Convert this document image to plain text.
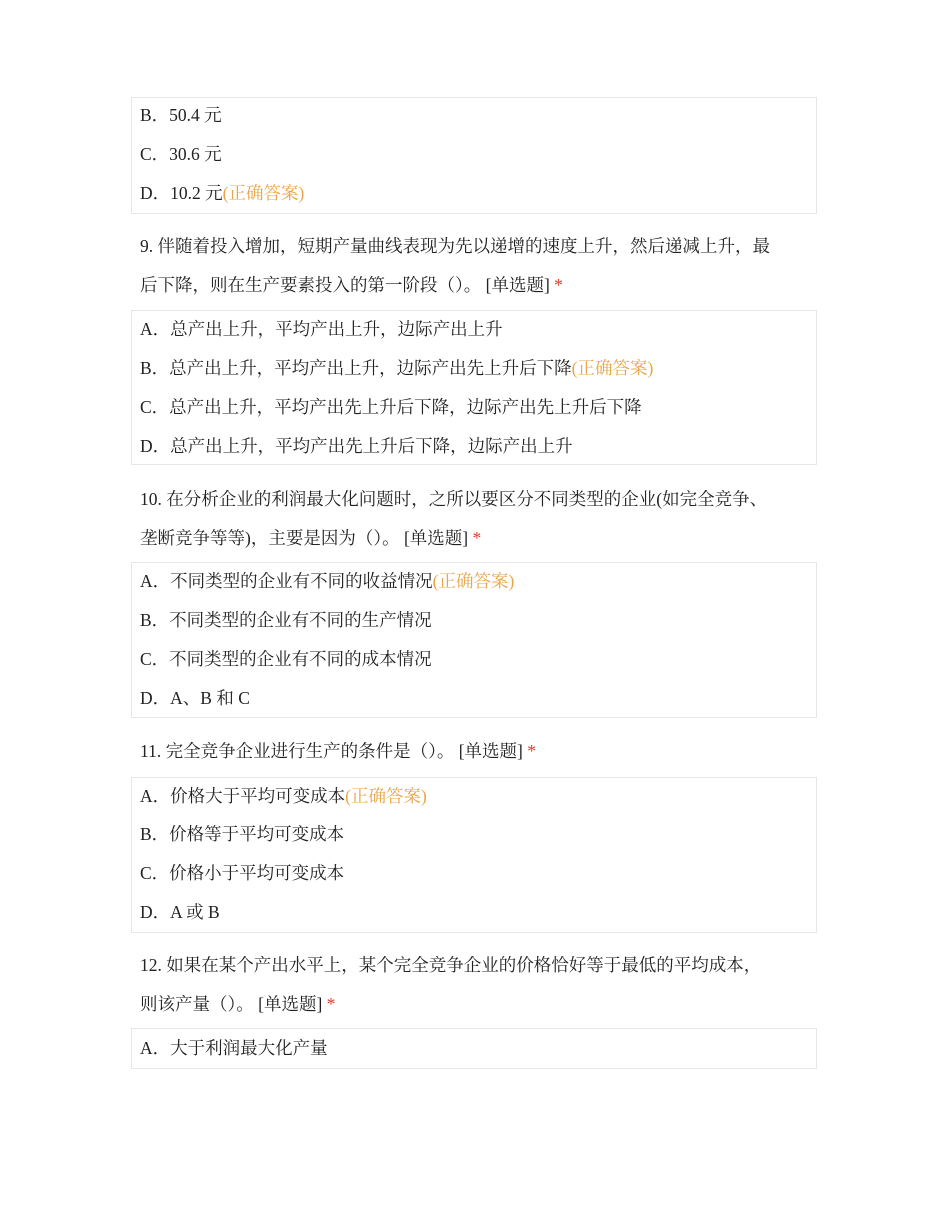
B．50.4 元
C．30.6 元
D．10.2 元(正确答案)
9. 伴随着投入增加，短期产量曲线表现为先以递增的速度上升，然后递减上升，最
后下降，则在生产要素投入的第一阶段（）。 [单选题] *
A．总产出上升，平均产出上升，边际产出上升
B．总产出上升，平均产出上升，边际产出先上升后下降(正确答案)
C．总产出上升，平均产出先上升后下降，边际产出先上升后下降
D．总产出上升，平均产出先上升后下降，边际产出上升
10. 在分析企业的利润最大化问题时，之所以要区分不同类型的企业(如完全竞争、
垄断竞争等等)，主要是因为（）。 [单选题] *
A．不同类型的企业有不同的收益情况(正确答案)
B．不同类型的企业有不同的生产情况
C．不同类型的企业有不同的成本情况
D．A、B 和 C
11. 完全竞争企业进行生产的条件是（）。 [单选题] *
A．价格大于平均可变成本(正确答案)
B．价格等于平均可变成本
C．价格小于平均可变成本
D．A 或 B
12. 如果在某个产出水平上，某个完全竞争企业的价格恰好等于最低的平均成本，
则该产量（）。 [单选题] *
A．大于利润最大化产量
